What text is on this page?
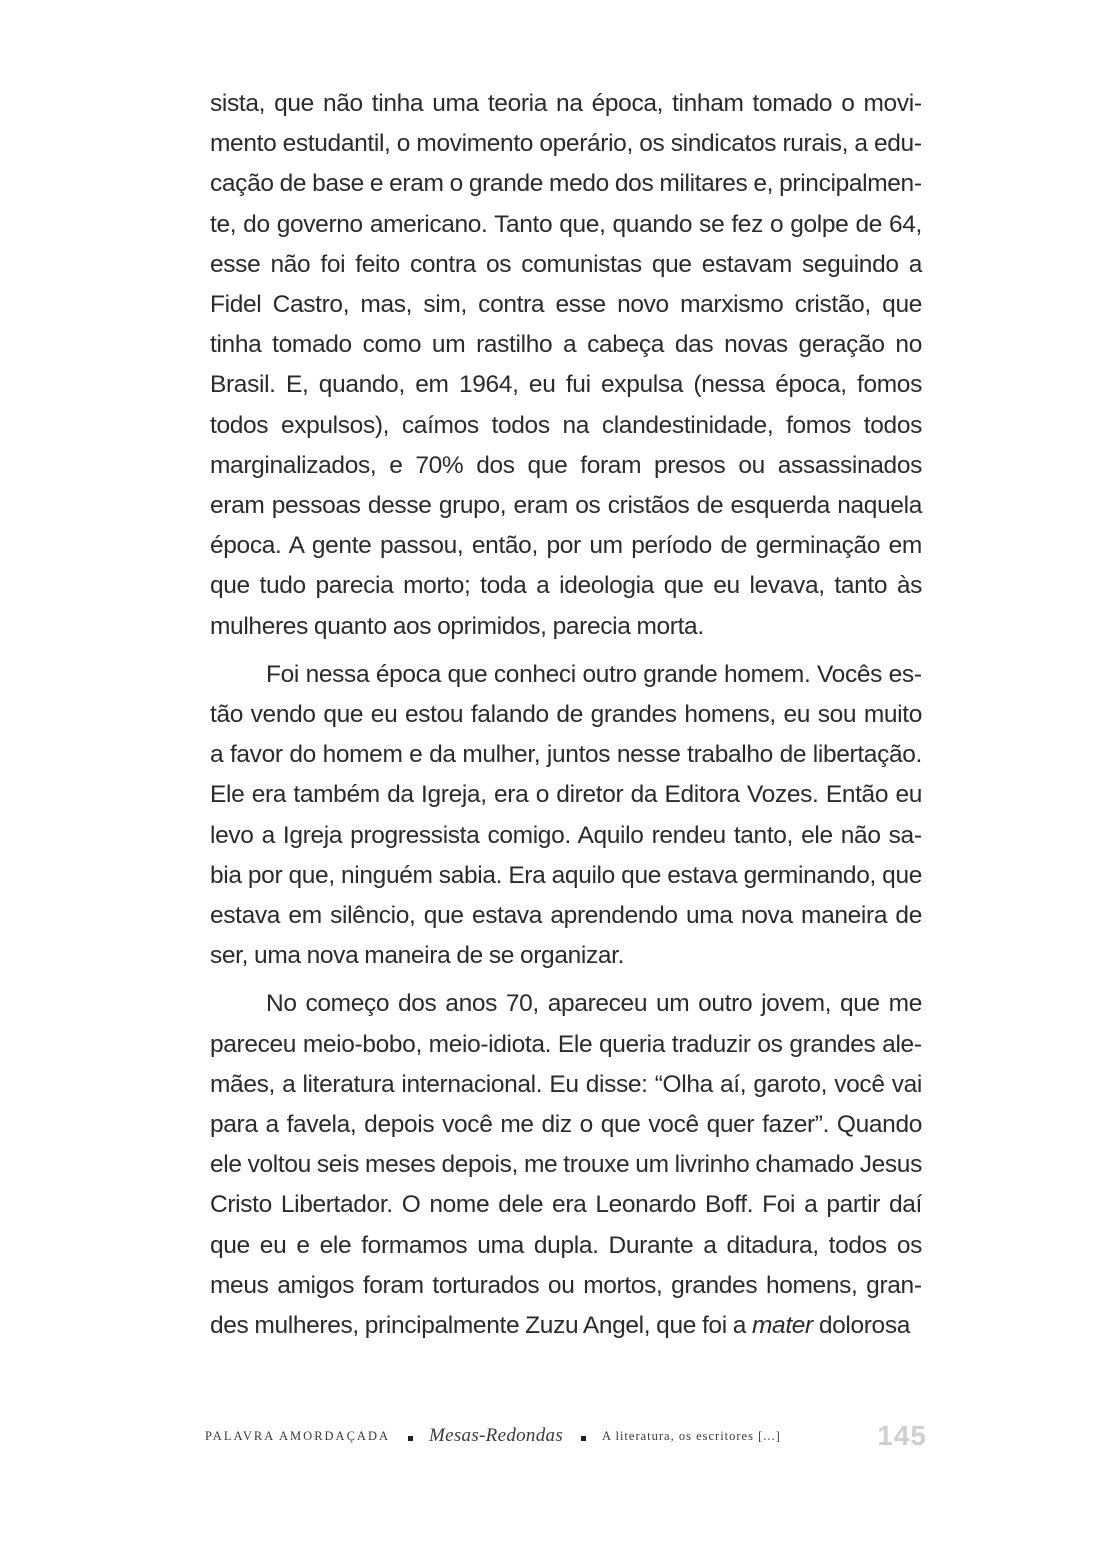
sista, que não tinha uma teoria na época, tinham tomado o movimento estudantil, o movimento operário, os sindicatos rurais, a educação de base e eram o grande medo dos militares e, principalmente, do governo americano. Tanto que, quando se fez o golpe de 64, esse não foi feito contra os comunistas que estavam seguindo a Fidel Castro, mas, sim, contra esse novo marxismo cristão, que tinha tomado como um rastilho a cabeça das novas geração no Brasil. E, quando, em 1964, eu fui expulsa (nessa época, fomos todos expulsos), caímos todos na clandestinidade, fomos todos marginalizados, e 70% dos que foram presos ou assassinados eram pessoas desse grupo, eram os cristãos de esquerda naquela época. A gente passou, então, por um período de germinação em que tudo parecia morto; toda a ideologia que eu levava, tanto às mulheres quanto aos oprimidos, parecia morta.

Foi nessa época que conheci outro grande homem. Vocês estão vendo que eu estou falando de grandes homens, eu sou muito a favor do homem e da mulher, juntos nesse trabalho de libertação. Ele era também da Igreja, era o diretor da Editora Vozes. Então eu levo a Igreja progressista comigo. Aquilo rendeu tanto, ele não sabia por que, ninguém sabia. Era aquilo que estava germinando, que estava em silêncio, que estava aprendendo uma nova maneira de ser, uma nova maneira de se organizar.

No começo dos anos 70, apareceu um outro jovem, que me pareceu meio-bobo, meio-idiota. Ele queria traduzir os grandes alemães, a literatura internacional. Eu disse: “Olha aí, garoto, você vai para a favela, depois você me diz o que você quer fazer”. Quando ele voltou seis meses depois, me trouxe um livrinho chamado Jesus Cristo Libertador. O nome dele era Leonardo Boff. Foi a partir daí que eu e ele formamos uma dupla. Durante a ditadura, todos os meus amigos foram torturados ou mortos, grandes homens, grandes mulheres, principalmente Zuzu Angel, que foi a mater dolorosa

PALAVRA AMORDAÇADA Mesas-Redondas	A literatura, os escritores [...]	145
